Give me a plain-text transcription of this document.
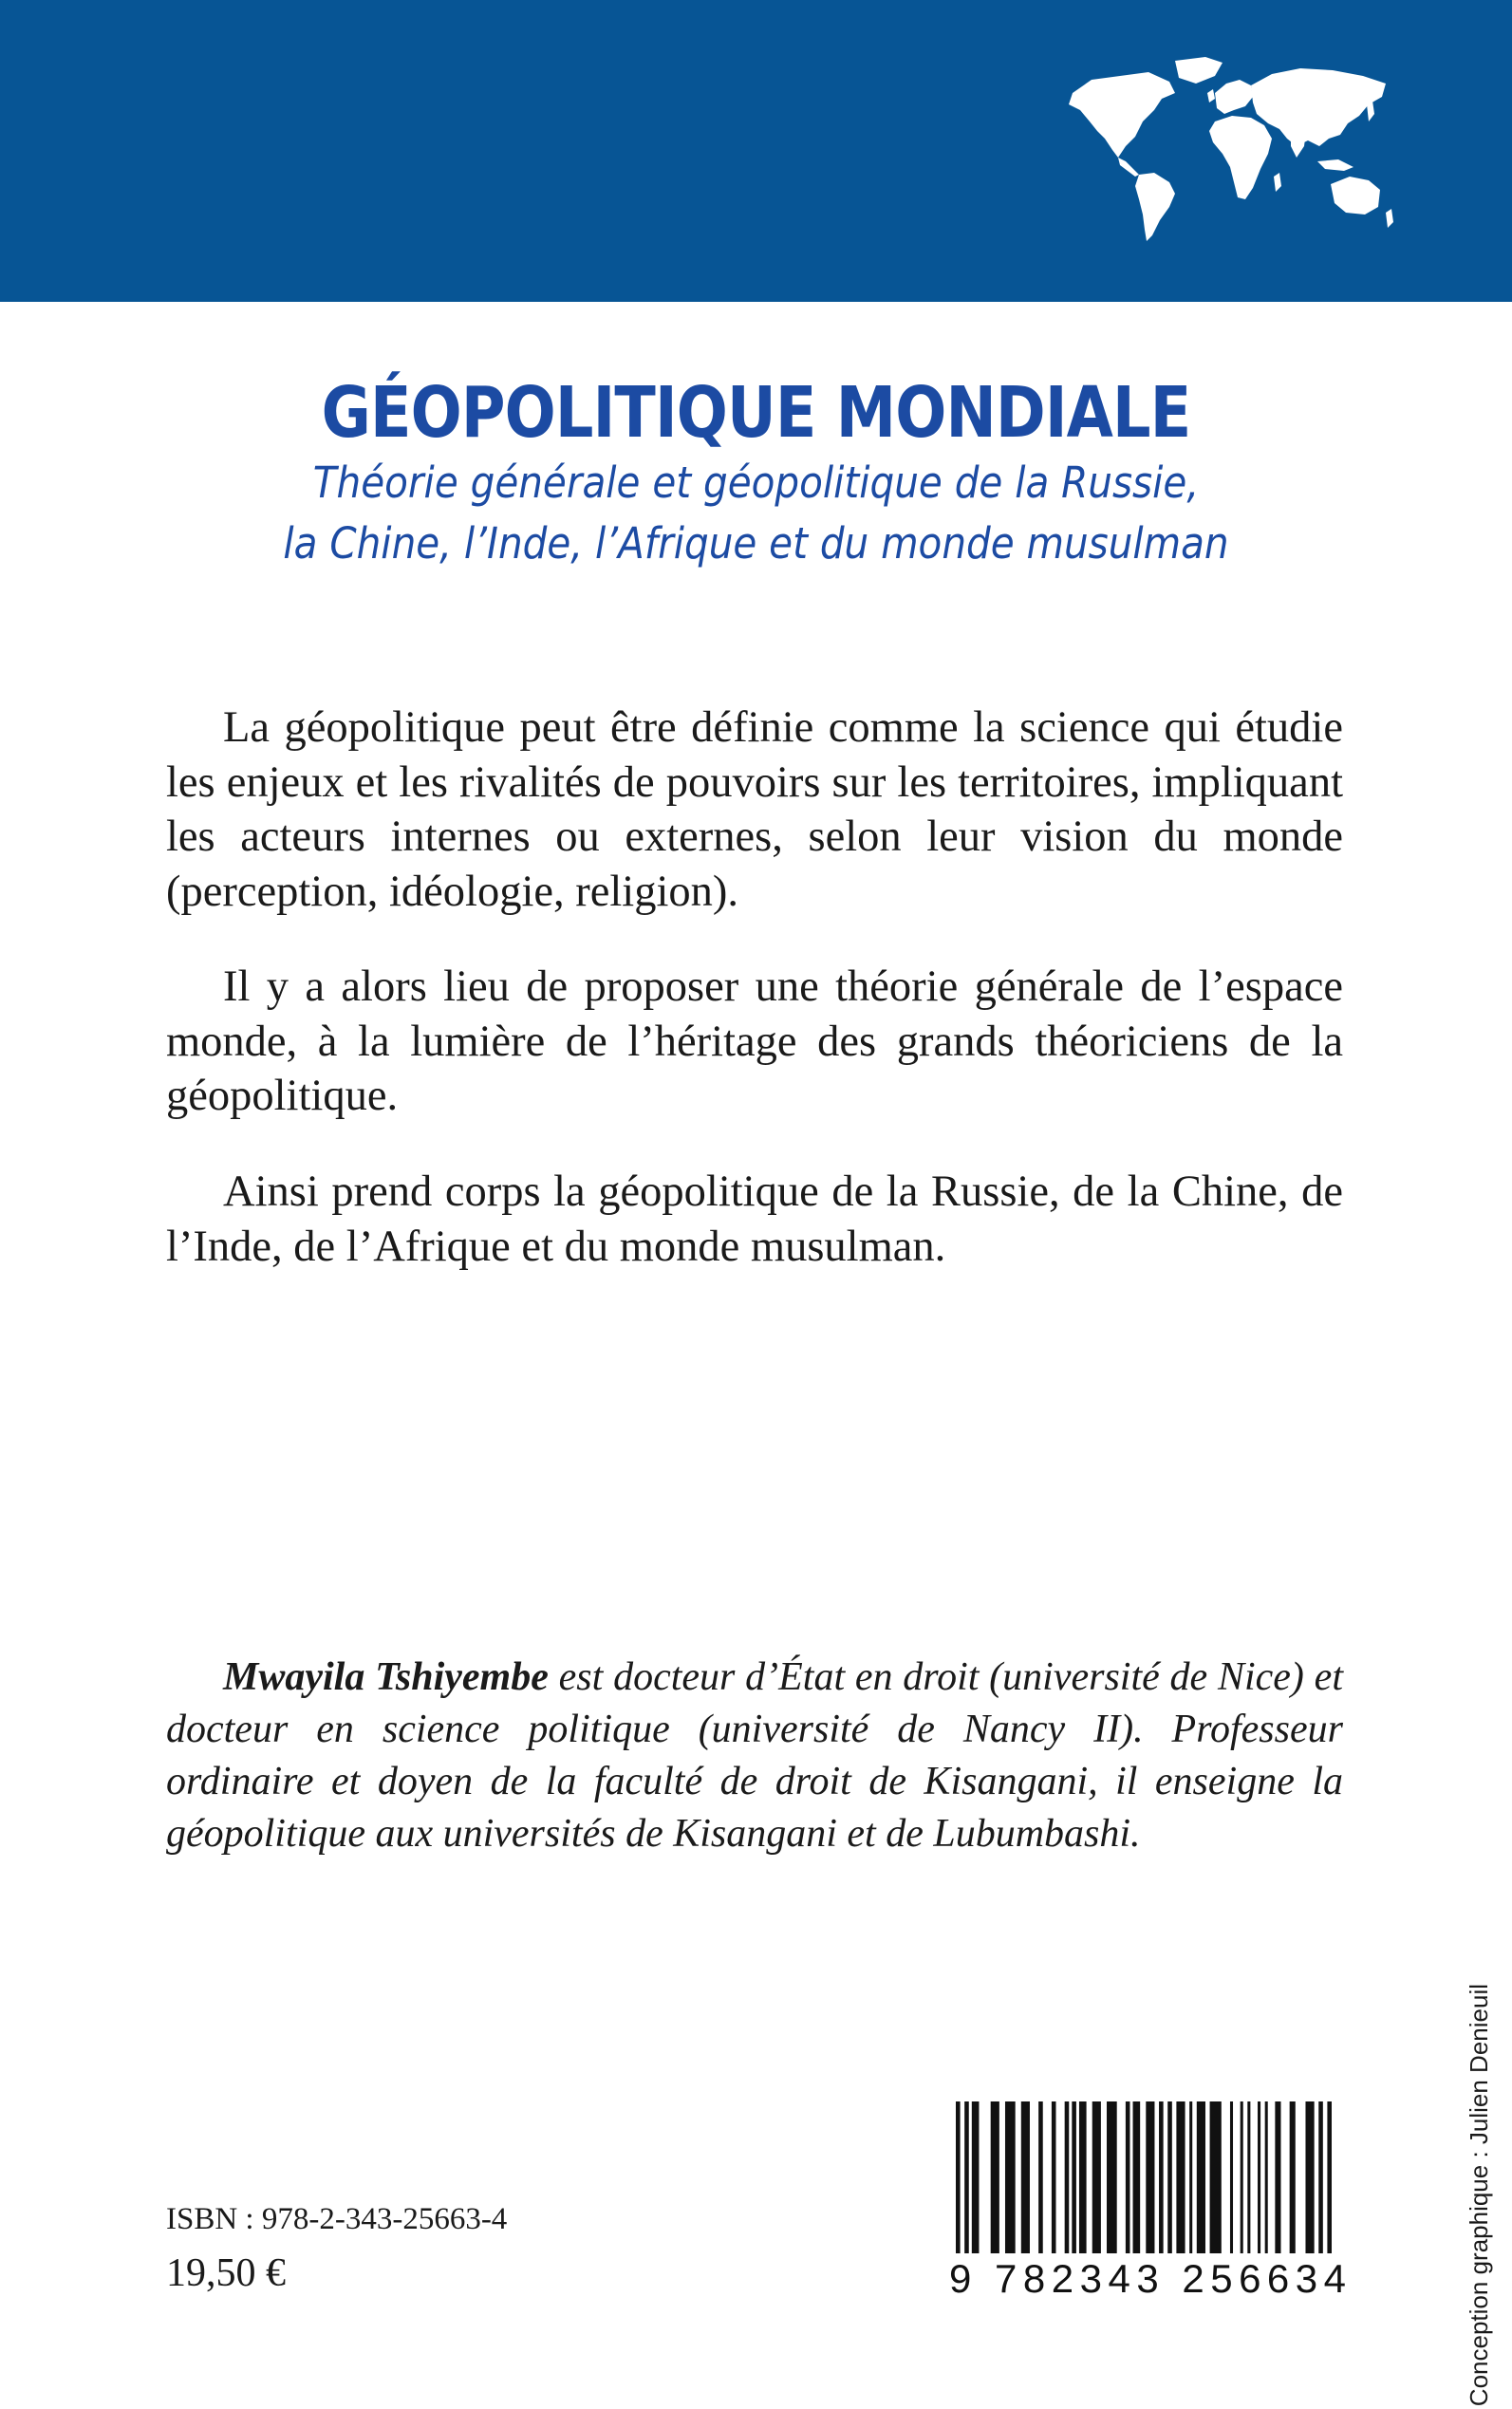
GÉOPOLITIQUE MONDIALE

Théorie générale et géopolitique de la Russie,

la Chine, l’Inde, l’Afrique et du monde musulman

La géopolitique peut être définie comme la science qui étudie les enjeux et les rivalités de pouvoirs sur les territoires, impliquant les acteurs internes ou externes, selon leur vision du monde (perception, idéologie, religion).

Il y a alors lieu de proposer une théorie générale de l’espace monde, à la lumière de l’héritage des grands théoriciens de la géopolitique.

Ainsi prend corps la géopolitique de la Russie, de la Chine, de l’Inde, de l’Afrique et du monde musulman.

Mwayila Tshiyembe est docteur d’État en droit (université de Nice) et docteur en science politique (université de Nancy II). Professeur ordinaire et doyen de la faculté de droit de Kisangani, il enseigne la géopolitique aux universités de Kisangani et de Lubumbashi.

Conception graphique : Julien Denieuil

ISBN : 978-2-343-25663-4

19,50 €	9 782343 256634
